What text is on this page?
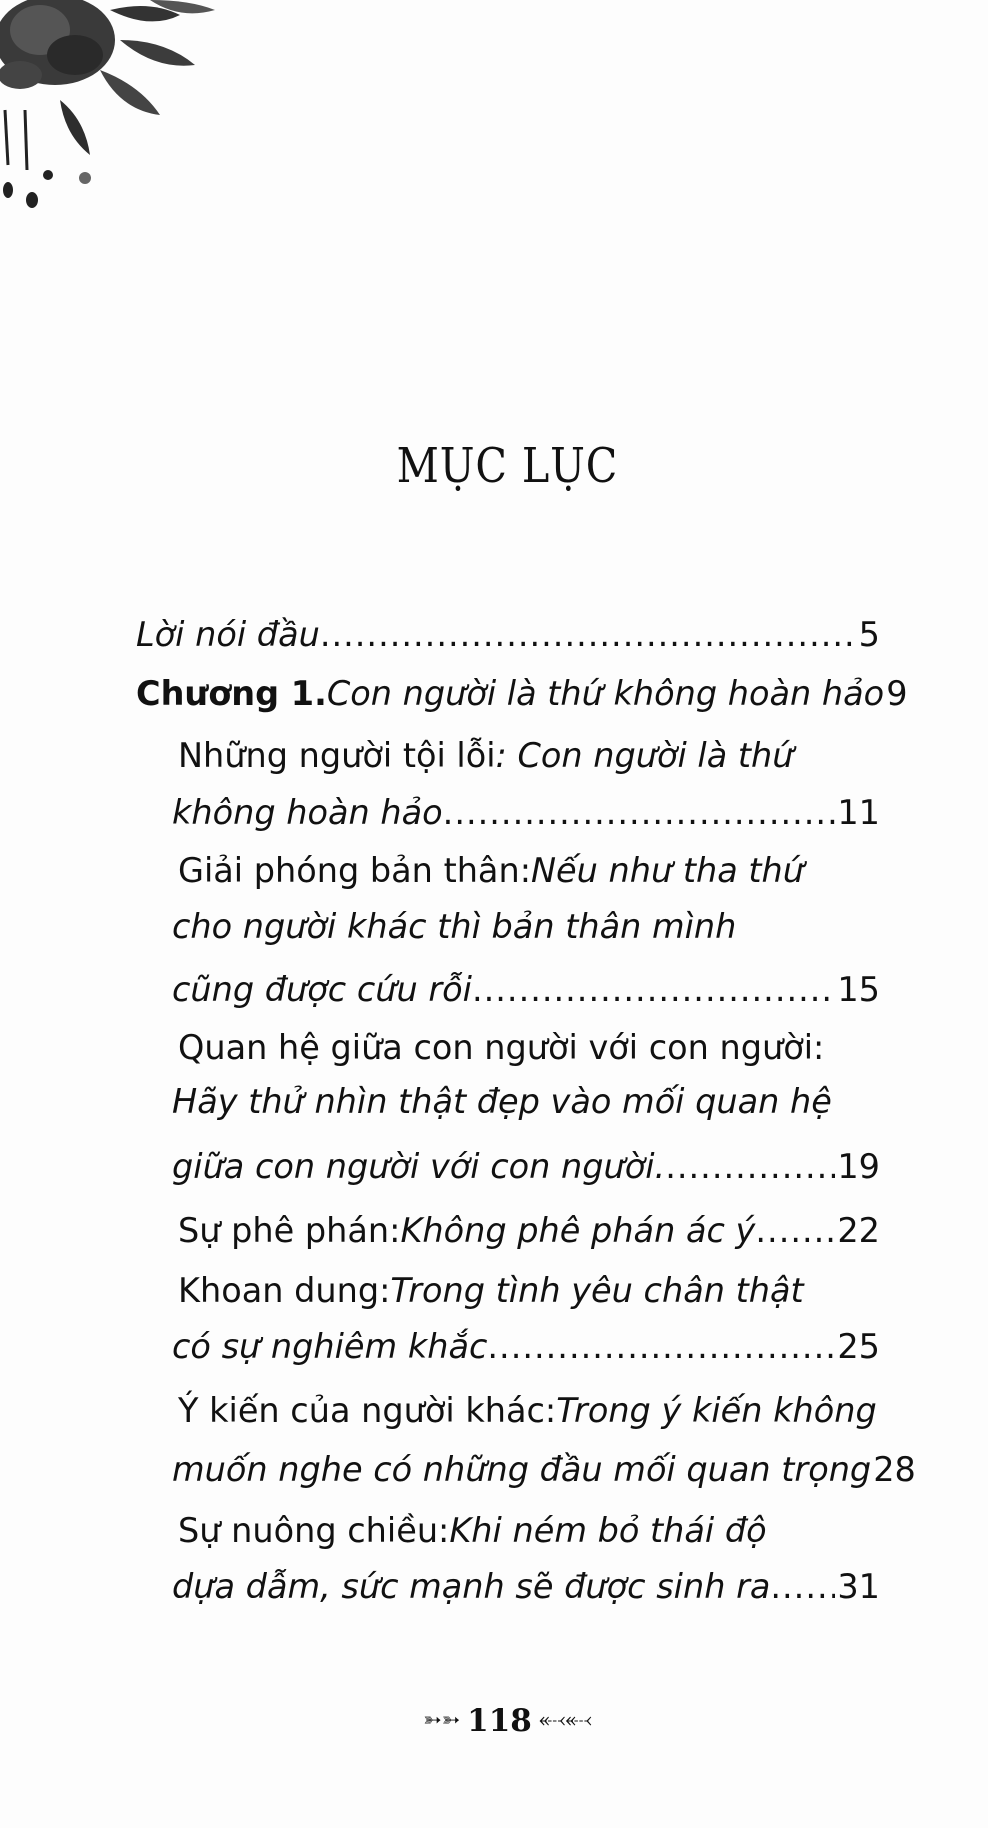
MỤC LỤC
Lời nói đầu .....	5
Chương 1. Con người là thứ không hoàn hảo 9
Những người tội lỗi : Con người là thứ
không hoàn hảo .....	11
Giải phóng bản thân: Nếu như tha thứ
cho người khác thì bản thân mình
cũng được cứu rỗi .....	15
Quan hệ giữa con người với con người:
Hãy thử nhìn thật đẹp vào mối quan hệ
giữa con người với con người. .....	19
Sự phê phán: Không phê phán ác ý ..... 22
Khoan dung: Trong tình yêu chân thật
có sự nghiêm khắc .....	25
Ý kiến của người khác: Trong ý kiến không
muốn nghe có những đầu mối quan trọng 28
Sự nuông chiều: Khi ném bỏ thái độ
dựa dẫm, sức mạnh sẽ được sinh ra ..... 31
➳➳ 118 ⬷⬷
